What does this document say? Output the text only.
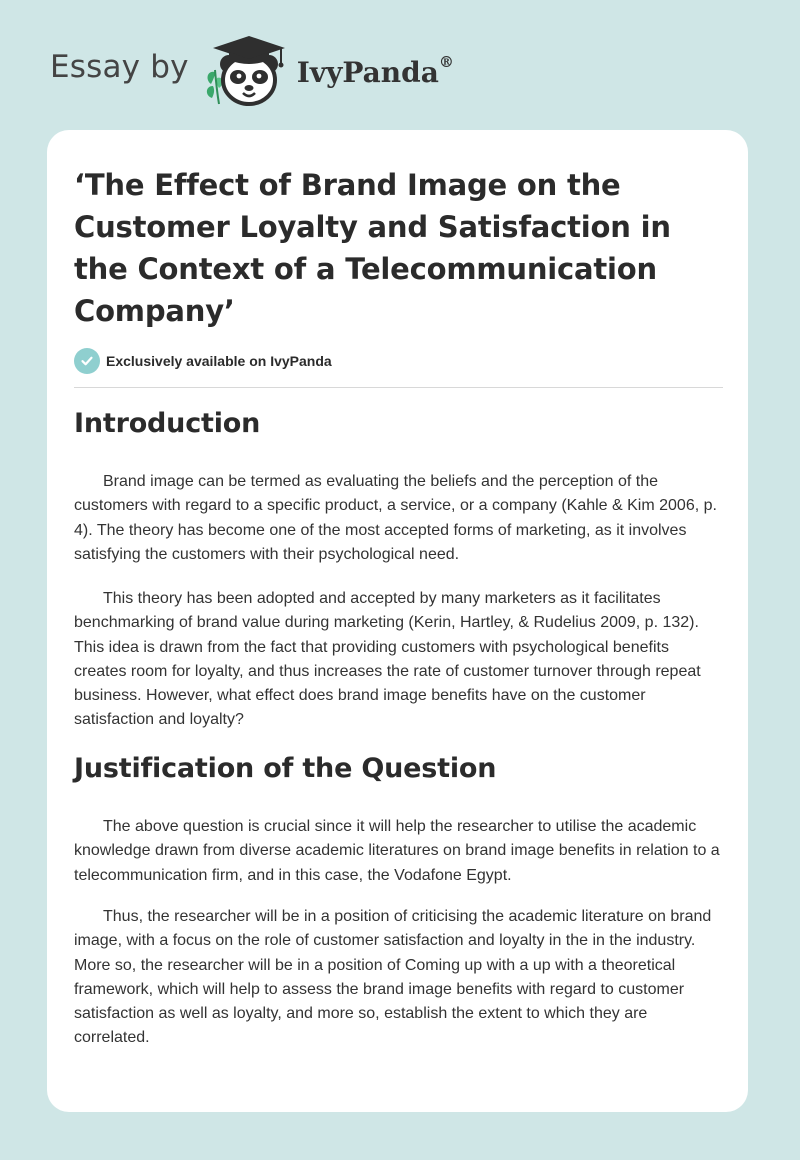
Essay by	IvyPanda®
‘The Effect of Brand Image on the Customer Loyalty and Satisfaction in the Context of a Telecommunication Company’
Exclusively available on IvyPanda
Introduction

Brand image can be termed as evaluating the beliefs and the perception of the customers with regard to a specific product, a service, or a company (Kahle & Kim 2006, p. 4). The theory has become one of the most accepted forms of marketing, as it involves satisfying the customers with their psychological need.

This theory has been adopted and accepted by many marketers as it facilitates benchmarking of brand value during marketing (Kerin, Hartley, & Rudelius 2009, p. 132). This idea is drawn from the fact that providing customers with psychological benefits creates room for loyalty, and thus increases the rate of customer turnover through repeat business. However, what effect does brand image benefits have on the customer satisfaction and loyalty?

Justification of the Question

The above question is crucial since it will help the researcher to utilise the academic knowledge drawn from diverse academic literatures on brand image benefits in relation to a telecommunication firm, and in this case, the Vodafone Egypt.

Thus, the researcher will be in a position of criticising the academic literature on brand image, with a focus on the role of customer satisfaction and loyalty in the in the industry. More so, the researcher will be in a position of Coming up with a up with a theoretical framework, which will help to assess the brand image benefits with regard to customer satisfaction as well as loyalty, and more so, establish the extent to which they are correlated.
